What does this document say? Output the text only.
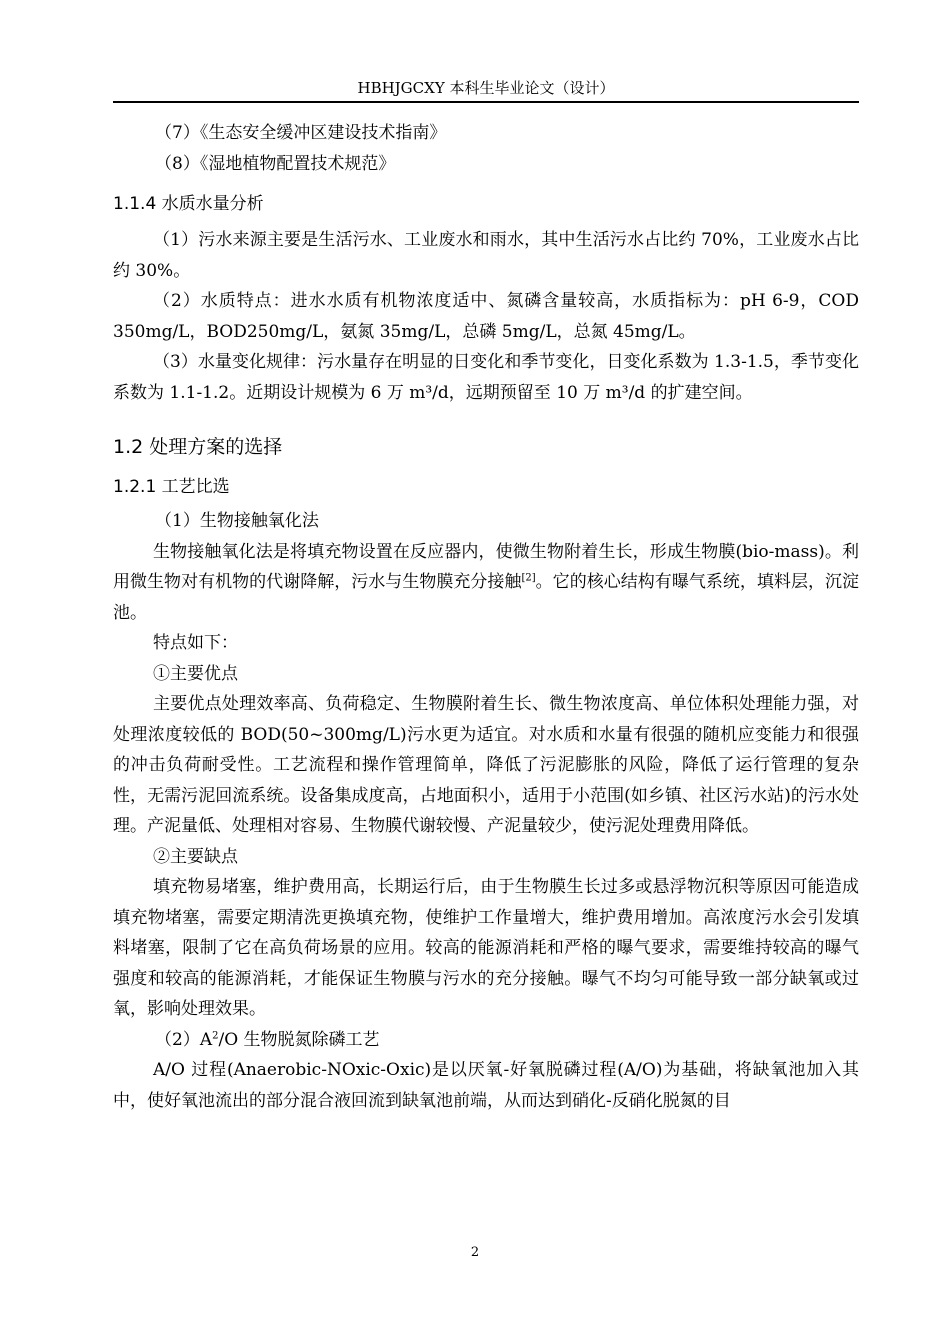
HBHJGCXY 本科生毕业论文（设计）

（7）《生态安全缓冲区建设技术指南》

（8）《湿地植物配置技术规范》

1.1.4 水质水量分析

（1）污水来源主要是生活污水、工业废水和雨水，其中生活污水占比约 70%，工业废水占比约 30%。

（2）水质特点：进水水质有机物浓度适中、氮磷含量较高，水质指标为：pH 6-9，COD 350mg/L，BOD250mg/L，氨氮 35mg/L，总磷 5mg/L，总氮 45mg/L。

（3）水量变化规律：污水量存在明显的日变化和季节变化，日变化系数为 1.3-1.5，季节变化系数为 1.1-1.2。近期设计规模为 6 万 m³/d，远期预留至 10 万 m³/d 的扩建空间。

1.2 处理方案的选择

1.2.1 工艺比选

（1）生物接触氧化法

生物接触氧化法是将填充物设置在反应器内，使微生物附着生长，形成生物膜(bio-mass)。利用微生物对有机物的代谢降解，污水与生物膜充分接触[2]。它的核心结构有曝气系统，填料层，沉淀池。

特点如下：

①主要优点

主要优点处理效率高、负荷稳定、生物膜附着生长、微生物浓度高、单位体积处理能力强，对处理浓度较低的 BOD(50~300mg/L)污水更为适宜。对水质和水量有很强的随机应变能力和很强的冲击负荷耐受性。工艺流程和操作管理简单，降低了污泥膨胀的风险，降低了运行管理的复杂性，无需污泥回流系统。设备集成度高，占地面积小，适用于小范围(如乡镇、社区污水站)的污水处理。产泥量低、处理相对容易、生物膜代谢较慢、产泥量较少，使污泥处理费用降低。

②主要缺点

填充物易堵塞，维护费用高，长期运行后，由于生物膜生长过多或悬浮物沉积等原因可能造成填充物堵塞，需要定期清洗更换填充物，使维护工作量增大，维护费用增加。高浓度污水会引发填料堵塞，限制了它在高负荷场景的应用。较高的能源消耗和严格的曝气要求，需要维持较高的曝气强度和较高的能源消耗，才能保证生物膜与污水的充分接触。曝气不均匀可能导致一部分缺氧或过氧，影响处理效果。

$(2)A^2/O$ 生物脱氮除磷工艺

A/O 过程(Anaerobic-NOxic-Oxic)是以厌氧-好氧脱磷过程(A/O)为基础，将缺氧池加入其中，使好氧池流出的部分混合液回流到缺氧池前端，从而达到硝化-反硝化脱氮的目

2
